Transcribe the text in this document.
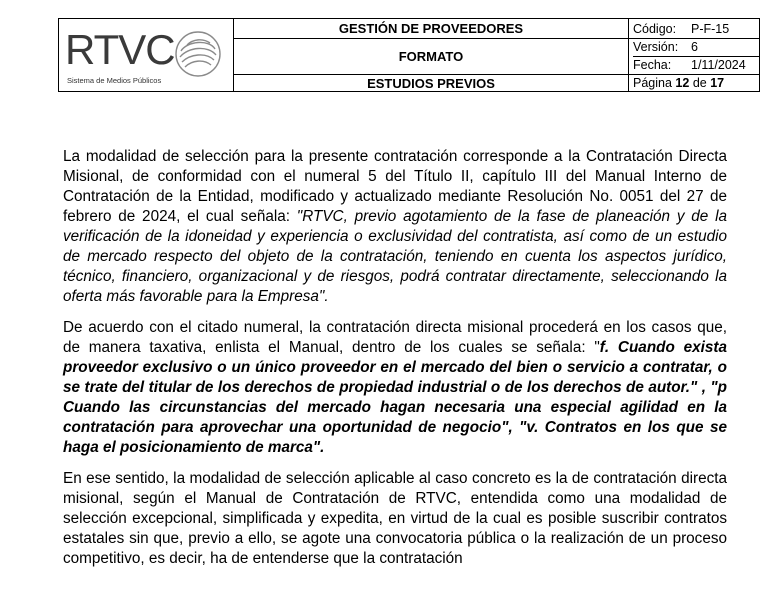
RTVC
Sistema de Medios Públicos	GESTIÓN DE PROVEEDORES	Código: P-F-15
	FORMATO	Versión: 6
Fecha: 1/11/2024

	ESTUDIOS PREVIOS	Página 12 de 17

La modalidad de selección para la presente contratación corresponde a la Contratación Directa Misional, de conformidad con el numeral 5 del Título II, capítulo III del Manual Interno de Contratación de la Entidad, modificado y actualizado mediante Resolución No. 0051 del 27 de febrero de 2024, el cual señala: "RTVC, previo agotamiento de la fase de planeación y de la verificación de la idoneidad y experiencia o exclusividad del contratista, así como de un estudio de mercado respecto del objeto de la contratación, teniendo en cuenta los aspectos jurídico, técnico, financiero, organizacional y de riesgos, podrá contratar directamente, seleccionando la oferta más favorable para la Empresa".

De acuerdo con el citado numeral, la contratación directa misional procederá en los casos que, de manera taxativa, enlista el Manual, dentro de los cuales se señala: "f. Cuando exista proveedor exclusivo o un único proveedor en el mercado del bien o servicio a contratar, o se trate del titular de los derechos de propiedad industrial o de los derechos de autor." , "p Cuando las circunstancias del mercado hagan necesaria una especial agilidad en la contratación para aprovechar una oportunidad de negocio", "v. Contratos en los que se haga el posicionamiento de marca".

En ese sentido, la modalidad de selección aplicable al caso concreto es la de contratación directa misional, según el Manual de Contratación de RTVC, entendida como una modalidad de selección excepcional, simplificada y expedita, en virtud de la cual es posible suscribir contratos estatales sin que, previo a ello, se agote una convocatoria pública o la realización de un proceso competitivo, es decir, ha de entenderse que la contratación
